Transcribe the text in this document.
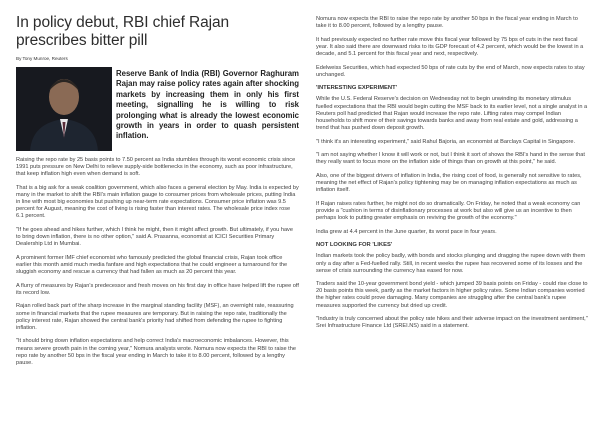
In policy debut, RBI chief Rajan prescribes bitter pill
By Tony Munroe, Reuters
Reserve Bank of India (RBI) Governor Raghuram Rajan may raise policy rates again after shocking markets by increasing them in only his first meeting, signalling he is willing to risk prolonging what is already the lowest economic growth in years in order to quash persistent inflation.

Raising the repo rate by 25 basis points to 7.50 percent as India stumbles through its worst economic crisis since 1991 puts pressure on New Delhi to relieve supply-side bottlenecks in the economy, such as poor infrastructure, that keep inflation high even when demand is soft.

That is a big ask for a weak coalition government, which also faces a general election by May. India is expected by many in the market to shift the RBI's main inflation gauge to consumer prices from wholesale prices, putting India in line with most big economies but pushing up near-term rate expectations. Consumer price inflation was 9.5 percent for August, meaning the cost of living is rising faster than interest rates. The wholesale price index rose 6.1 percent.

"If he goes ahead and hikes further, which I think he might, then it might affect growth. But ultimately, if you have to bring down inflation, there is no other option," said A. Prasanna, economist at ICICI Securities Primary Dealership Ltd in Mumbai.

A prominent former IMF chief economist who famously predicted the global financial crisis, Rajan took office earlier this month amid much media fanfare and high expectations that he could engineer a turnaround for the sluggish economy and rescue a currency that had fallen as much as 20 percent this year.

A flurry of measures by Rajan's predecessor and fresh moves on his first day in office have helped lift the rupee off its record low.

Rajan rolled back part of the sharp increase in the marginal standing facility (MSF), an overnight rate, reassuring some in financial markets that the rupee measures are temporary. But in raising the repo rate, traditionally the policy interest rate, Rajan showed the central bank's priority had shifted from defending the rupee to fighting inflation.

"It should bring down inflation expectations and help correct India's macroeconomic imbalances. However, this means severe growth pain in the coming year," Nomura analysts wrote. Nomura now expects the RBI to raise the repo rate by another 50 bps in the fiscal year ending in March to take it to 8.00 percent, followed by a lengthy pause.

Nomura now expects the RBI to raise the repo rate by another 50 bps in the fiscal year ending in March to take it to 8.00 percent, followed by a lengthy pause.

It had previously expected no further rate move this fiscal year followed by 75 bps of cuts in the next fiscal year. It also said there are downward risks to its GDP forecast of 4.2 percent, which would be the lowest in a decade, and 5.1 percent for this fiscal year and next, respectively.

Edelweiss Securities, which had expected 50 bps of rate cuts by the end of March, now expects rates to stay unchanged.

'INTERESTING EXPERIMENT'

While the U.S. Federal Reserve's decision on Wednesday not to begin unwinding its monetary stimulus fuelled expectations that the RBI would begin cutting the MSF back to its earlier level, not a single analyst in a Reuters poll had predicted that Rajan would increase the repo rate. Lifting rates may compel Indian households to shift more of their savings towards banks and away from real estate and gold, addressing a trend that has pushed down deposit growth.

"I think it's an interesting experiment," said Rahul Bajoria, an economist at Barclays Capital in Singapore.

"I am not saying whether I know it will work or not, but I think it sort of shows the RBI's hand in the sense that they really want to focus more on the inflation side of things than on growth at this point," he said.

Also, one of the biggest drivers of inflation in India, the rising cost of food, is generally not sensitive to rates, meaning the net effect of Rajan's policy tightening may be on managing inflation expectations as much as inflation itself.

If Rajan raises rates further, he might not do so dramatically. On Friday, he noted that a weak economy can provide a "cushion in terms of disinflationary processes at work but also will give us an incentive to then perhaps look to putting greater emphasis on reviving the growth of the economy."

India grew at 4.4 percent in the June quarter, its worst pace in four years.

NOT LOOKING FOR 'LIKES'

Indian markets took the policy badly, with bonds and stocks plunging and dragging the rupee down with them only a day after a Fed-fuelled rally. Still, in recent weeks the rupee has recovered some of its losses and the sense of crisis surrounding the currency has eased for now.

Traders said the 10-year government bond yield - which jumped 39 basis points on Friday - could rise close to 20 basis points this week, partly as the market factors in higher policy rates. Some Indian companies worried the higher rates could prove damaging. Many companies are struggling after the central bank's rupee measures supported the currency but dried up credit.

"Industry is truly concerned about the policy rate hikes and their adverse impact on the investment sentiment," Srei Infrastructure Finance Ltd (SREI.NS) said in a statement.
